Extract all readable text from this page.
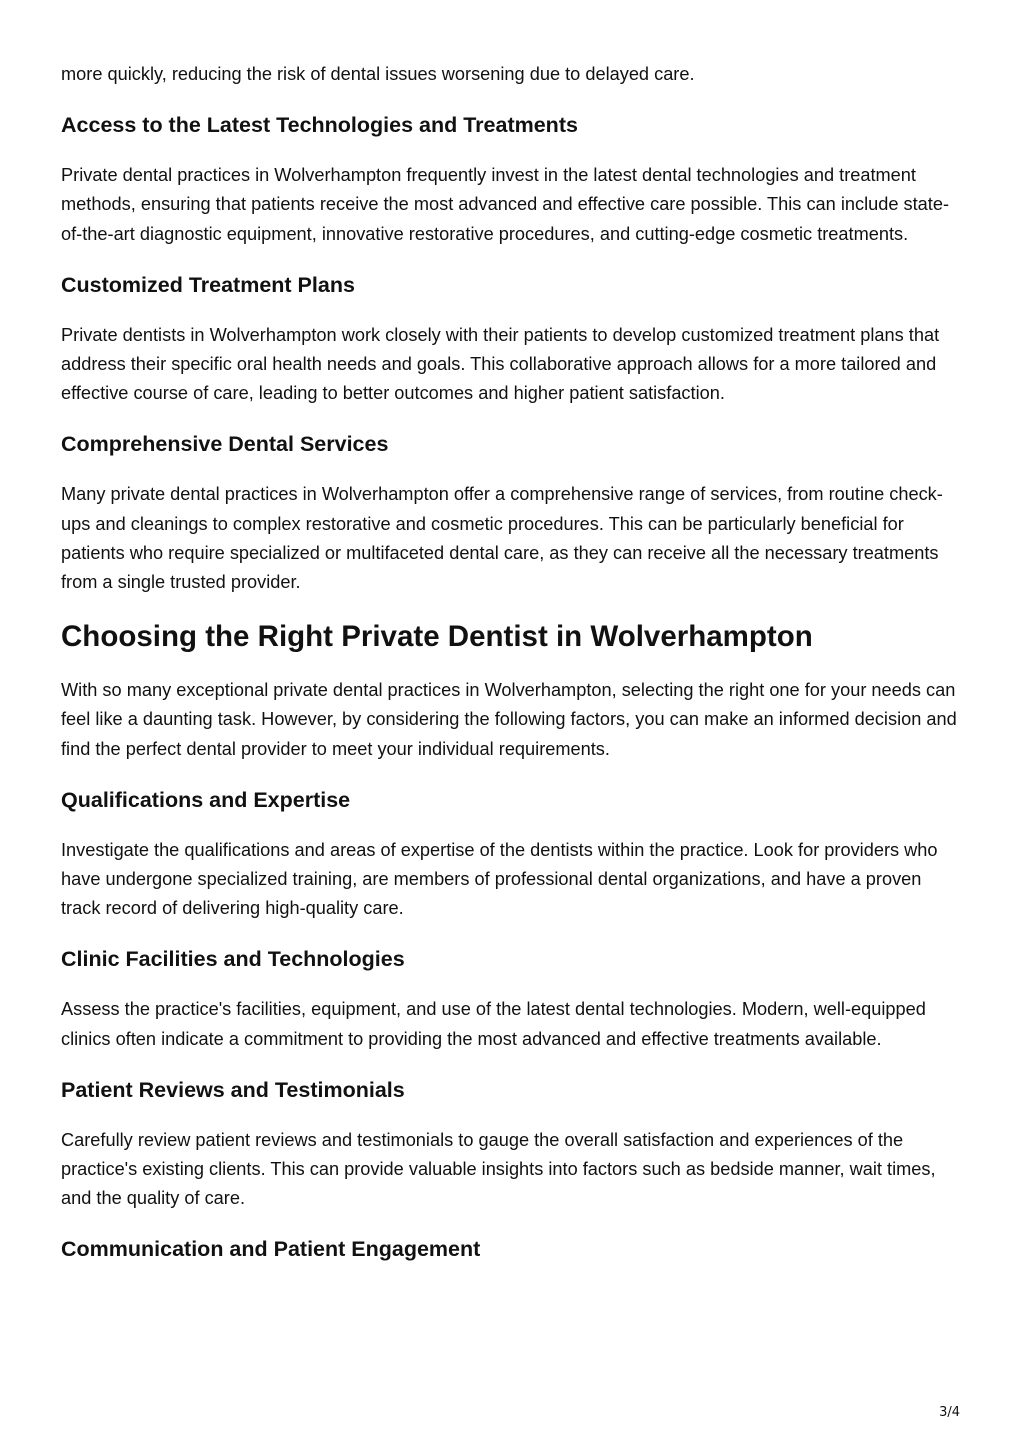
more quickly, reducing the risk of dental issues worsening due to delayed care.

Access to the Latest Technologies and Treatments

Private dental practices in Wolverhampton frequently invest in the latest dental technologies and treatment methods, ensuring that patients receive the most advanced and effective care possible. This can include state-of-the-art diagnostic equipment, innovative restorative procedures, and cutting-edge cosmetic treatments.

Customized Treatment Plans

Private dentists in Wolverhampton work closely with their patients to develop customized treatment plans that address their specific oral health needs and goals. This collaborative approach allows for a more tailored and effective course of care, leading to better outcomes and higher patient satisfaction.

Comprehensive Dental Services

Many private dental practices in Wolverhampton offer a comprehensive range of services, from routine check-ups and cleanings to complex restorative and cosmetic procedures. This can be particularly beneficial for patients who require specialized or multifaceted dental care, as they can receive all the necessary treatments from a single trusted provider.

Choosing the Right Private Dentist in Wolverhampton

With so many exceptional private dental practices in Wolverhampton, selecting the right one for your needs can feel like a daunting task. However, by considering the following factors, you can make an informed decision and find the perfect dental provider to meet your individual requirements.

Qualifications and Expertise

Investigate the qualifications and areas of expertise of the dentists within the practice. Look for providers who have undergone specialized training, are members of professional dental organizations, and have a proven track record of delivering high-quality care.

Clinic Facilities and Technologies

Assess the practice's facilities, equipment, and use of the latest dental technologies. Modern, well-equipped clinics often indicate a commitment to providing the most advanced and effective treatments available.

Patient Reviews and Testimonials

Carefully review patient reviews and testimonials to gauge the overall satisfaction and experiences of the practice's existing clients. This can provide valuable insights into factors such as bedside manner, wait times, and the quality of care.

Communication and Patient Engagement
3/4
